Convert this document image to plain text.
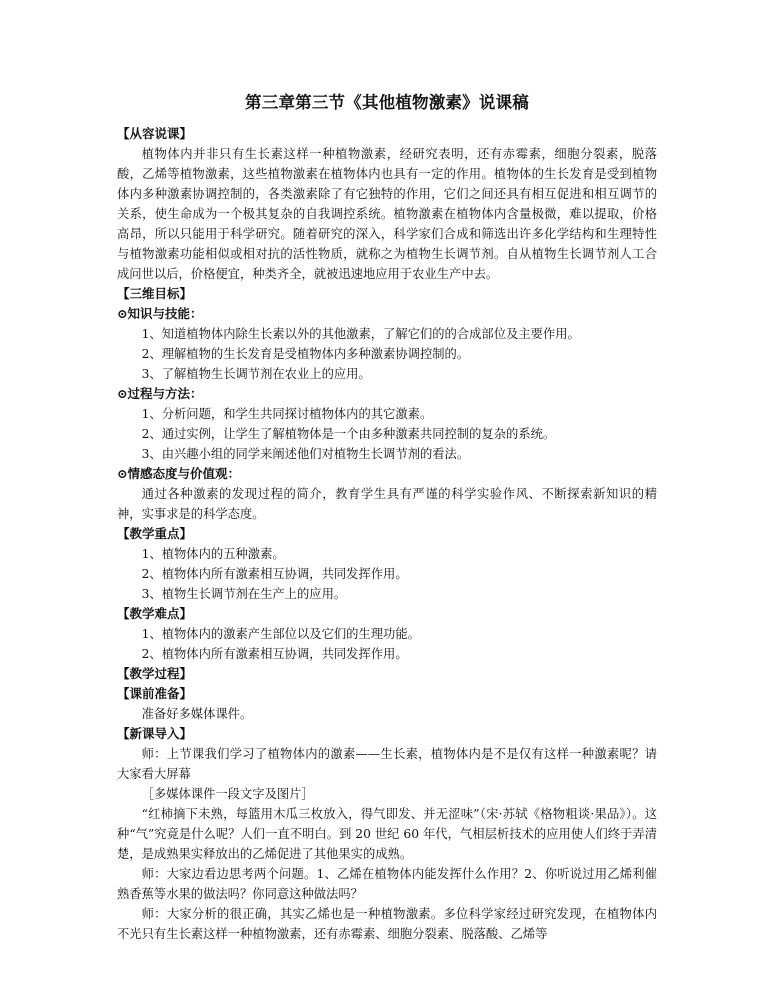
第三章第三节《其他植物激素》说课稿
【从容说课】

植物体内并非只有生长素这样一种植物激素，经研究表明，还有赤霉素，细胞分裂素，脱落酸，乙烯等植物激素，这些植物激素在植物体内也具有一定的作用。植物体的生长发育是受到植物体内多种激素协调控制的，各类激素除了有它独特的作用，它们之间还具有相互促进和相互调节的关系，使生命成为一个极其复杂的自我调控系统。植物激素在植物体内含量极微，难以提取，价格高昂，所以只能用于科学研究。随着研究的深入，科学家们合成和筛选出许多化学结构和生理特性与植物激素功能相似或相对抗的活性物质，就称之为植物生长调节剂。自从植物生长调节剂人工合成问世以后，价格便宜，种类齐全，就被迅速地应用于农业生产中去。

【三维目标】
⊙知识与技能：

1、知道植物体内除生长素以外的其他激素，了解它们的的合成部位及主要作用。

2、理解植物的生长发育是受植物体内多种激素协调控制的。

3、了解植物生长调节剂在农业上的应用。

⊙过程与方法：

1、分析问题，和学生共同探讨植物体内的其它激素。

2、通过实例，让学生了解植物体是一个由多种激素共同控制的复杂的系统。

3、由兴趣小组的同学来阐述他们对植物生长调节剂的看法。

⊙情感态度与价值观：

通过各种激素的发现过程的简介，教育学生具有严谨的科学实验作风、不断探索新知识的精神，实事求是的科学态度。

【教学重点】

1、植物体内的五种激素。

2、植物体内所有激素相互协调，共同发挥作用。

3、植物生长调节剂在生产上的应用。

【教学难点】

1、植物体内的激素产生部位以及它们的生理功能。

2、植物体内所有激素相互协调，共同发挥作用。

【教学过程】
【课前准备】

准备好多媒体课件。

【新课导入】

师：上节课我们学习了植物体内的激素——生长素，植物体内是不是仅有这样一种激素呢？请大家看大屏幕

［多媒体课件一段文字及图片］

“红柿摘下未熟，每篮用木瓜三枚放入，得气即发、并无涩味”（宋·苏轼《格物粗谈·果品》）。这种“气”究竟是什么呢？人们一直不明白。到 20 世纪 60 年代，气相层析技术的应用使人们终于弄清楚，是成熟果实释放出的乙烯促进了其他果实的成熟。

师：大家边看边思考两个问题。1、乙烯在植物体内能发挥什么作用？2、你听说过用乙烯利催熟香蕉等水果的做法吗？你同意这种做法吗？

师：大家分析的很正确，其实乙烯也是一种植物激素。多位科学家经过研究发现，在植物体内不光只有生长素这样一种植物激素，还有赤霉素、细胞分裂素、脱落酸、乙烯等
